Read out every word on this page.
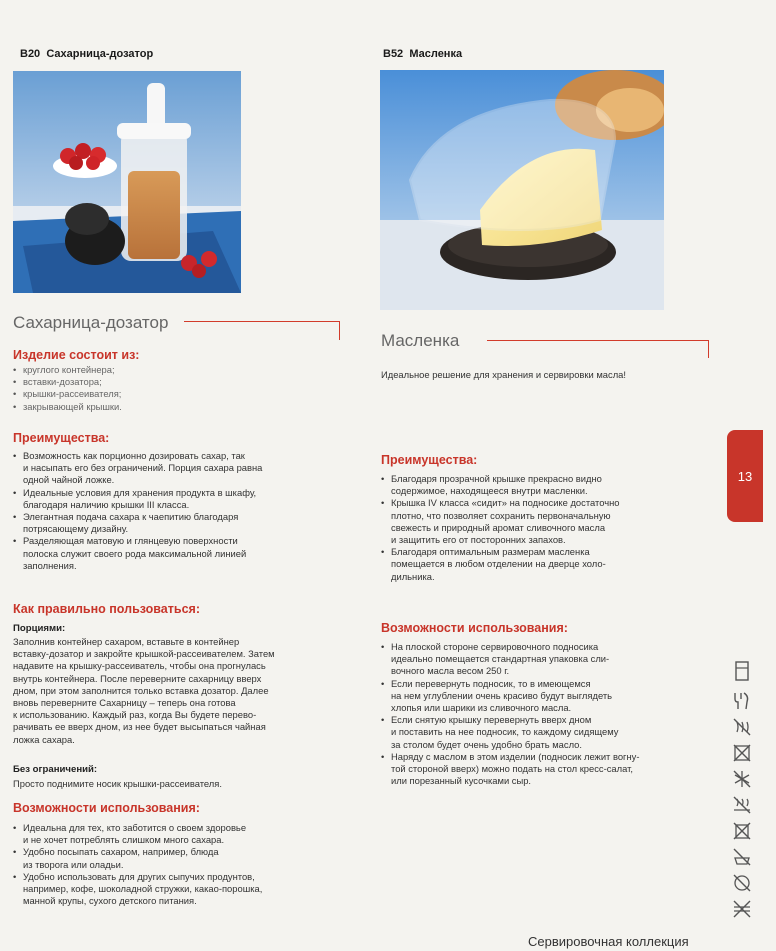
B20 Сахарница-дозатор
Сахарница-дозатор
Изделие состоит из:
• круглого контейнера;
• вставки-дозатора;
• крышки-рассеивателя;
• закрывающей крышки.
Преимущества:
• Возможность как порционно дозировать сахар, так
и насыпать его без ограничений. Порция сахара равна
одной чайной ложке.
• Идеальные условия для хранения продукта в шкафу,
благодаря наличию крышки III класса.
• Элегантная подача сахара к чаепитию благодаря
потрясающему дизайну.
• Разделяющая матовую и глянцевую поверхности
полоска служит своего рода максимальной линией
заполнения.
Как правильно пользоваться:
Порциями:
Заполнив контейнер сахаром, вставьте в контейнер
вставку-дозатор и закройте крышкой-рассеивателем. Затем
надавите на крышку-рассеиватель, чтобы она прогнулась
внутрь контейнера. После переверните сахарницу вверх
дном, при этом заполнится только вставка дозатор. Далее
вновь переверните Сахарницу – теперь она готова
к использованию. Каждый раз, когда Вы будете перево-
рачивать ее вверх дном, из нее будет высыпаться чайная
ложка сахара.
Без ограничений:
Просто поднимите носик крышки-рассеивателя.
Возможности использования:
• Идеальна для тех, кто заботится о своем здоровье
и не хочет потреблять слишком много сахара.
• Удобно посыпать сахаром, например, блюда
из творога или оладьи.
• Удобно использовать для других сыпучих продунтов,
например, кофе, шоколадной стружки, какао-порошка,
манной крупы, сухого детского питания.
B52 Масленка
Масленка
Идеальное решение для хранения и сервировки масла!
Преимущества:
• Благодаря прозрачной крышке прекрасно видно
содержимое, находящееся внутри масленки.
• Крышка IV класса «сидит» на подносике достаточно
плотно, что позволяет сохранить первоначальную
свежесть и природный аромат сливочного масла
и защитить его от посторонних запахов.
• Благодаря оптимальным размерам масленка
помещается в любом отделении на дверце холо-
дильника.
Возможности использования:
• На плоской стороне сервировочного подносика
идеально помещается стандартная упаковка сли-
вочного масла весом 250 г.
• Если перевернуть подносик, то в имеющемся
на нем углублении очень красиво будут выглядеть
хлопья или шарики из сливочного масла.
• Если снятую крышку перевернуть вверх дном
и поставить на нее подносик, то каждому сидящему
за столом будет очень удобно брать масло.
• Наряду с маслом в этом изделии (подносик лежит вогну-
той стороной вверх) можно подать на стол кресс-салат,
или порезанный кусочками сыр.
13
Сервировочная коллекция
